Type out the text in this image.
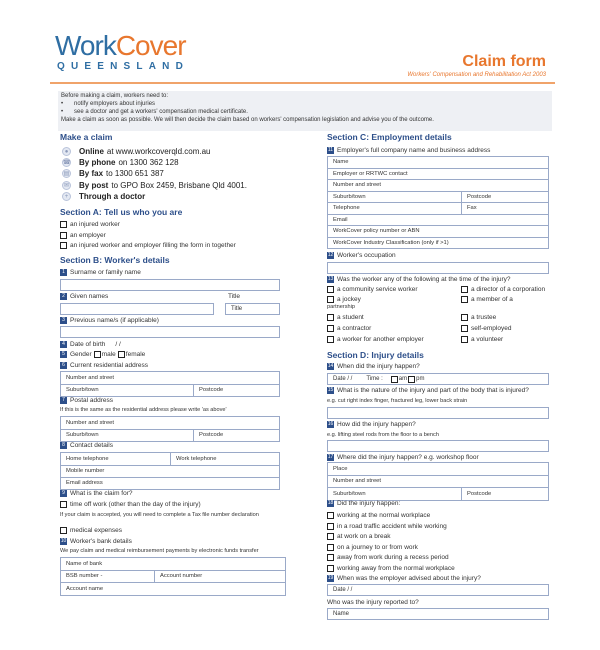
WorkCover
QUEENSLAND	Claim form
Workers' Compensation and Rehabilitation Act 2003
Before making a claim, workers need to:
• notify employers about injuries
• see a doctor and get a workers' compensation medical certificate.
Make a claim as soon as possible. We will then decide the claim based on workers' compensation legislation and advise you of the outcome.
Make a claim
●	Online at www.workcoverqld.com.au
☎ By phone on 1300 362 128
▤ By fax to 1300 651 387
✉ By post to GPO Box 2459, Brisbane Qld 4001.
+	Through a doctor
Section A: Tell us who you are
an injured worker
an employer
an injured worker and employer filling the form in together
Section B: Worker's details
1 Surname or family name
2 Given names	Title
Title
3 Previous name/s (if applicable)
4 Date of birth / /
5 Gender male female
6 Current residential address
Number and street
Suburb/town	Postcode
7 Postal address
If this is the same as the residential address please write 'as above'
Number and street
Suburb/town	Postcode
8 Contact details
Home telephone	Work telephone
Mobile number
Email address
9 What is the claim for?
time off work (other than the day of the injury)
If your claim is accepted, you will need to complete a Tax file number declaration
medical expenses
10 Worker's bank details
We pay claim and medical reimbursement payments by electronic funds transfer
Name of bank
BSB number -	Account number
Account name
Section C: Employment details
11 Employer's full company name and business address
Name
Employer or RRTWC contact
Number and street
Suburb/town	Postcode
Telephone	Fax
Email
WorkCover policy number or ABN
WorkCover Industry Classification (only if >1)
12 Worker's occupation
13 Was the worker any of the following at the time of the injury?
a community service worker
a jockey
partnership
a student
a contractor
a worker for another employer
a director of a corporation
a member of a
a trustee
self-employed
a volunteer
Section D: Injury details
14 When did the injury happen?
Date / / Time :	am pm
15 What is the nature of the injury and part of the body that is injured?
e.g. cut right index finger, fractured leg, lower back strain
16 How did the injury happen?
e.g. lifting steel rods from the floor to a bench
17 Where did the injury happen? e.g. workshop floor
Place
Number and street
Suburb/town	Postcode
18 Did the injury happen:
working at the normal workplace
in a road traffic accident while working
at work on a break
on a journey to or from work
away from work during a recess period
working away from the normal workplace
19 When was the employer advised about the injury?
Date / /
Who was the injury reported to?
Name
